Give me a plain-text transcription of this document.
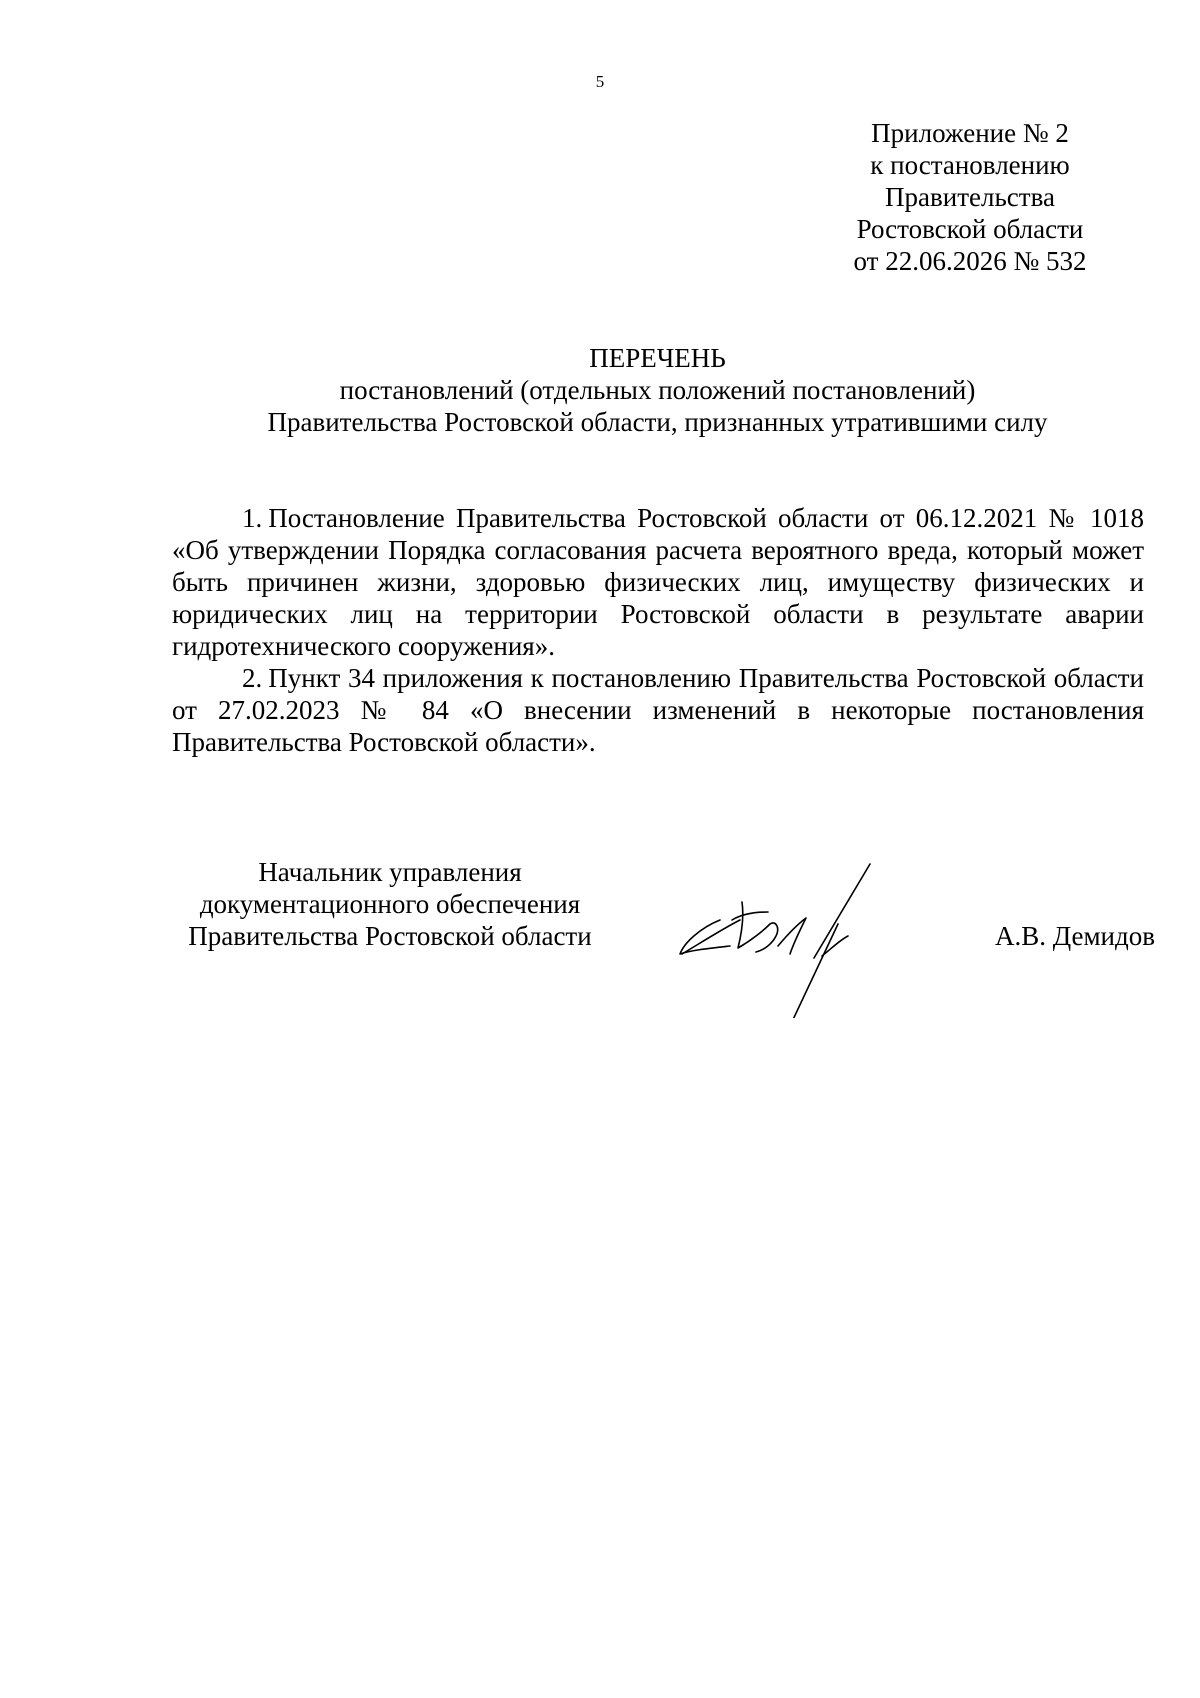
5
Приложение № 2
к постановлению
Правительства
Ростовской области
от 22.06.2026 № 532
ПЕРЕЧЕНЬ
постановлений (отдельных положений постановлений)
Правительства Ростовской области, признанных утратившими силу

1. Постановление Правительства Ростовской области от 06.12.2021 № 1018 «Об утверждении Порядка согласования расчета вероятного вреда, который может быть причинен жизни, здоровью физических лиц, имуществу физических и юридических лиц на территории Ростовской области в результате аварии гидротехнического сооружения».

2. Пункт 34 приложения к постановлению Правительства Ростовской области от 27.02.2023 № 84 «О внесении изменений в некоторые постановления Правительства Ростовской области».

Начальник управления
документационного обеспечения
Правительства Ростовской области	А.В. Демидов
